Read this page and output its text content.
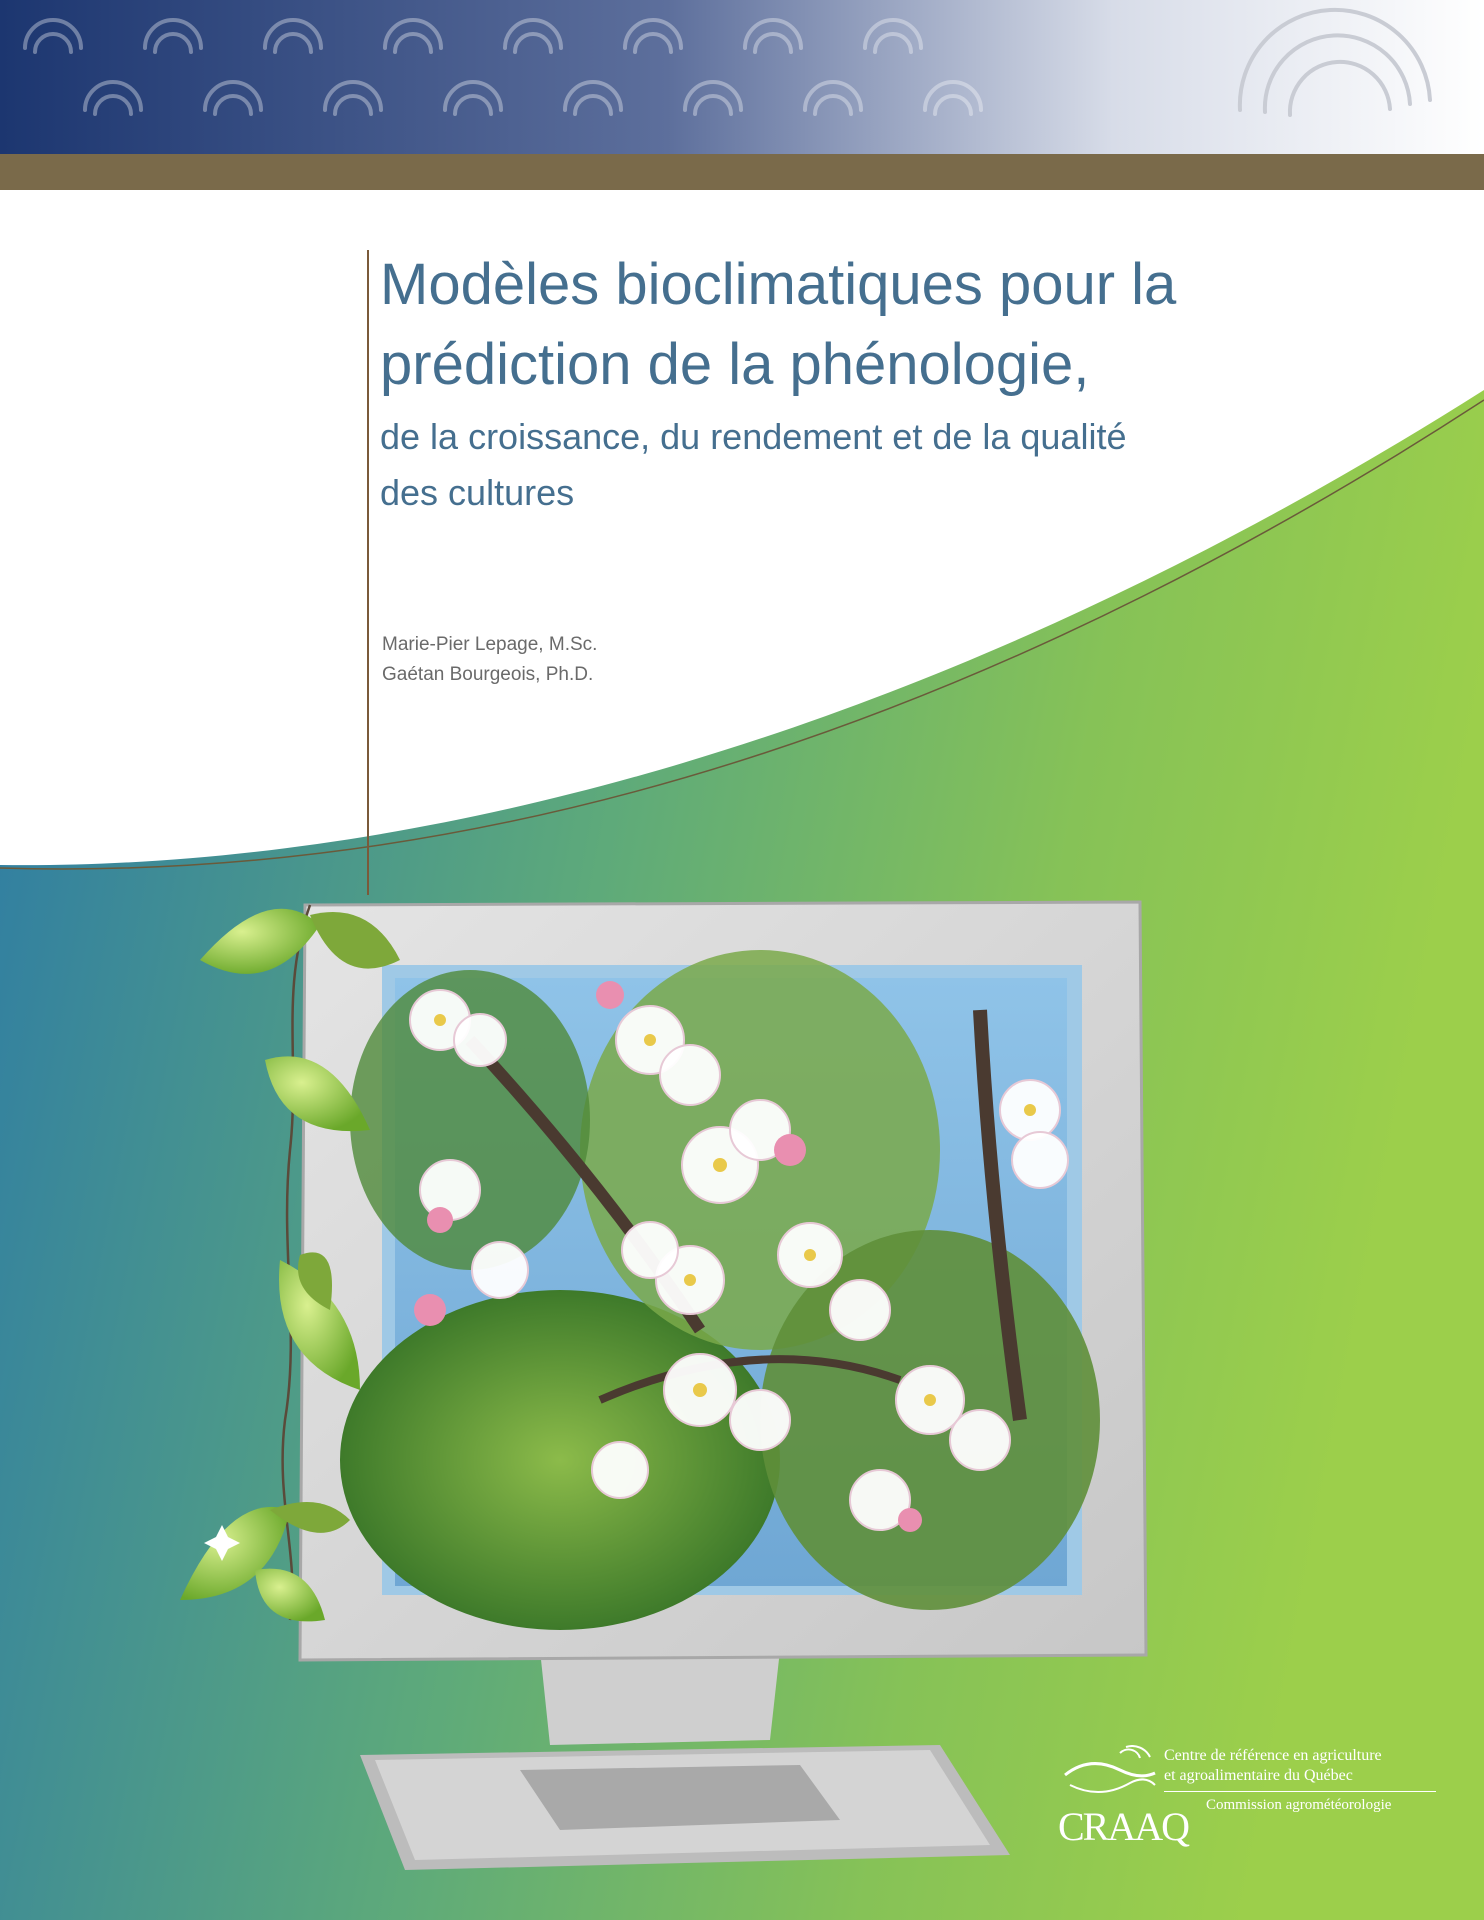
Modèles bioclimatiques pour la
prédiction de la phénologie,
de la croissance, du rendement et de la qualité
des cultures
Marie-Pier Lepage, M.Sc.
Gaétan Bourgeois, Ph.D.
Centre de référence en agriculture
et agroalimentaire du Québec
Commission agrométéorologie
CRAAQ
